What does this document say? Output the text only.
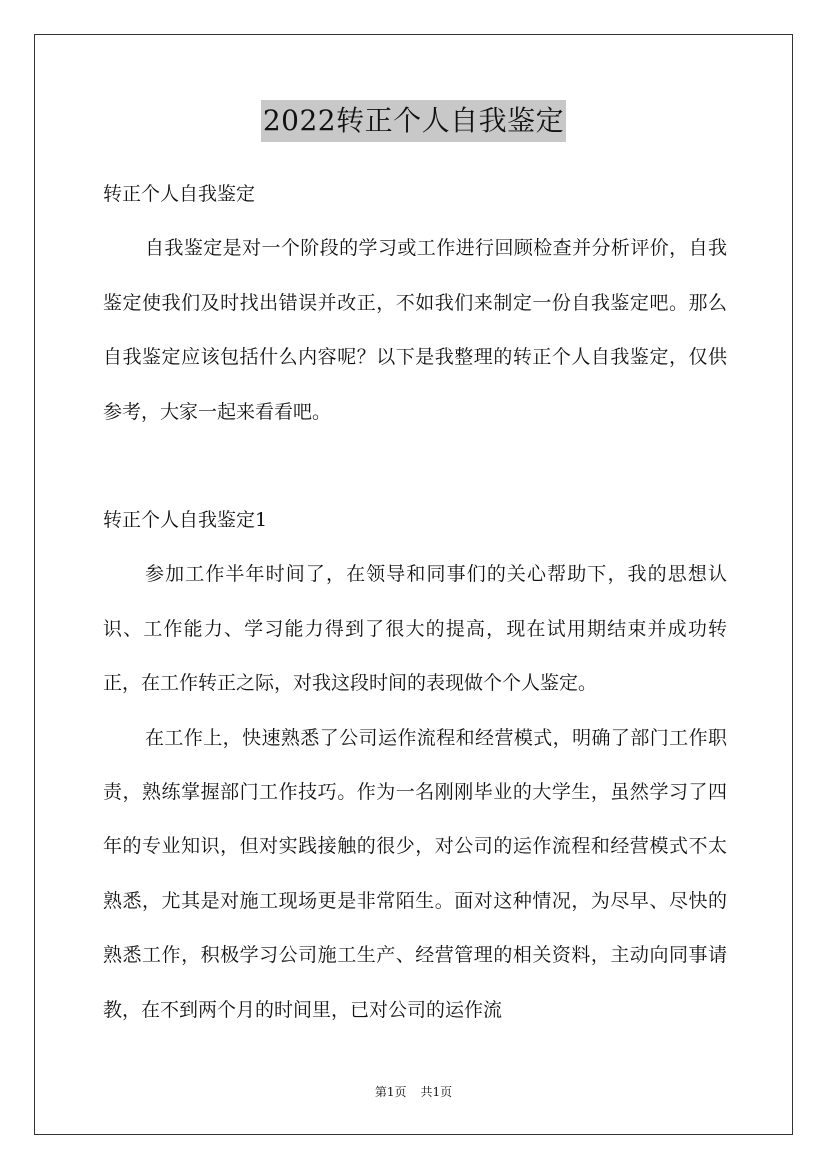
2022转正个人自我鉴定

转正个人自我鉴定

自我鉴定是对一个阶段的学习或工作进行回顾检查并分析评价，自我鉴定使我们及时找出错误并改正，不如我们来制定一份自我鉴定吧。那么自我鉴定应该包括什么内容呢？以下是我整理的转正个人自我鉴定，仅供参考，大家一起来看看吧。

转正个人自我鉴定1

参加工作半年时间了，在领导和同事们的关心帮助下，我的思想认识、工作能力、学习能力得到了很大的提高，现在试用期结束并成功转正，在工作转正之际，对我这段时间的表现做个个人鉴定。

在工作上，快速熟悉了公司运作流程和经营模式，明确了部门工作职责，熟练掌握部门工作技巧。作为一名刚刚毕业的大学生，虽然学习了四年的专业知识，但对实践接触的很少，对公司的运作流程和经营模式不太熟悉，尤其是对施工现场更是非常陌生。面对这种情况，为尽早、尽快的熟悉工作，积极学习公司施工生产、经营管理的相关资料，主动向同事请教，在不到两个月的时间里，已对公司的运作流

第1页 共1页
